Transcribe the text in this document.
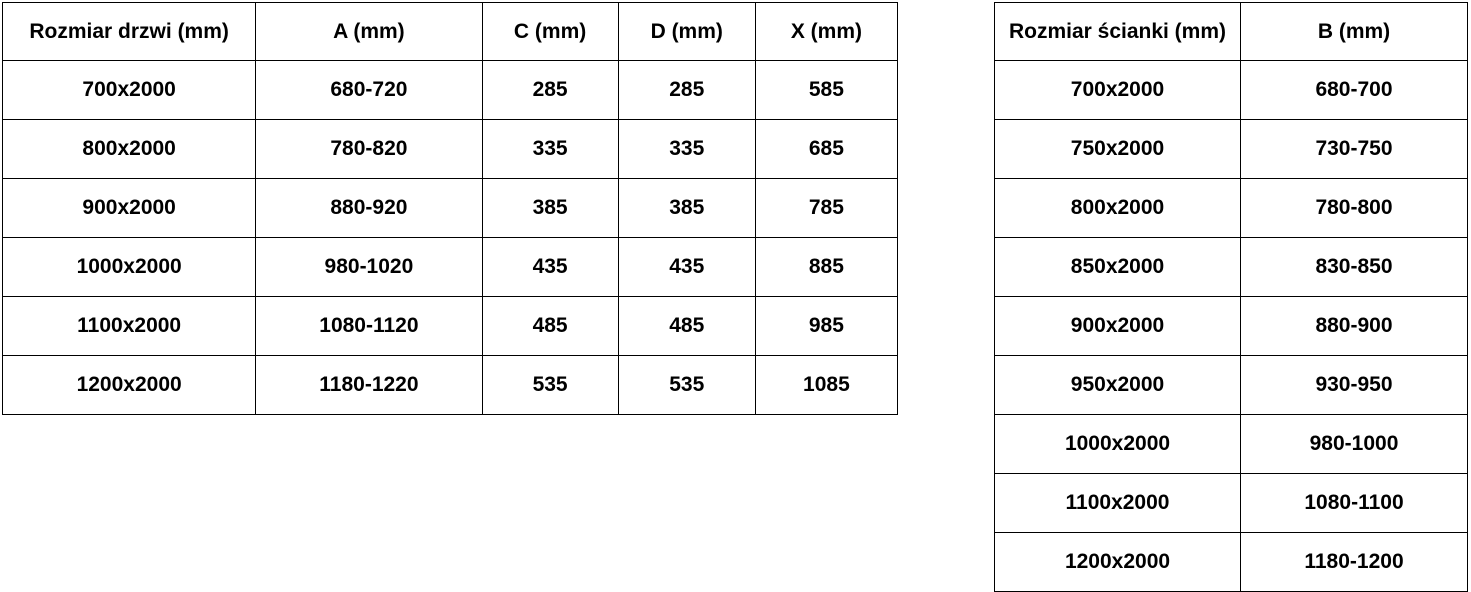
Rozmiar drzwi (mm)	A (mm)	C (mm)	D (mm)	X (mm)
700x2000	680-720	285	285	585
800x2000	780-820	335	335	685
900x2000	880-920	385	385	785
1000x2000	980-1020	435	435	885
1100x2000	1080-1120	485	485	985
1200x2000	1180-1220	535	535	1085
Rozmiar ścianki (mm)	B (mm)
700x2000	680-700
750x2000	730-750
800x2000	780-800
850x2000	830-850
900x2000	880-900
950x2000	930-950
1000x2000	980-1000
1100x2000	1080-1100
1200x2000	1180-1200
